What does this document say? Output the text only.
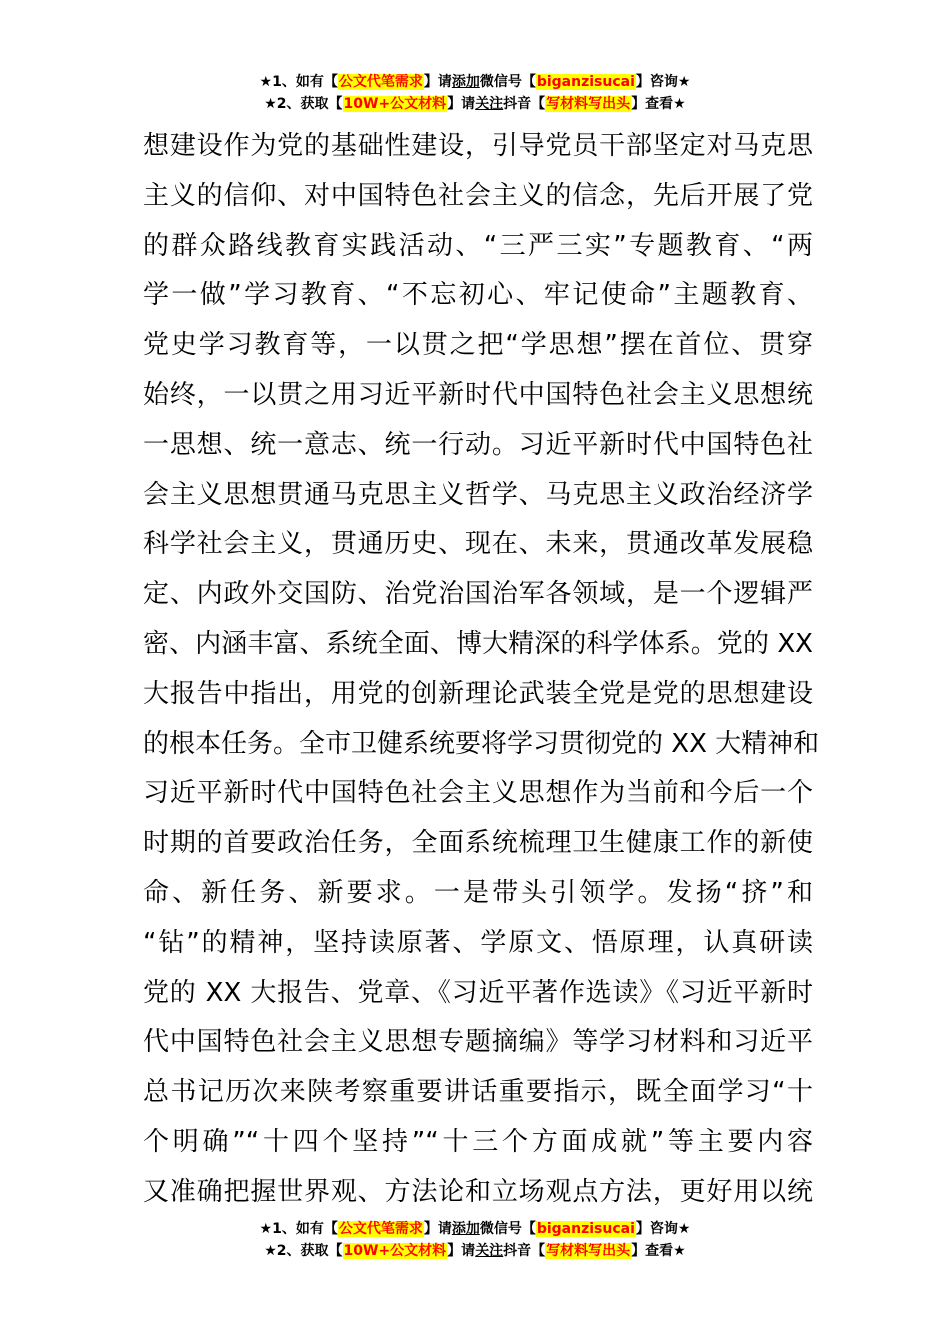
★1、如有【公文代笔需求】请添加微信号【biganzisucai】咨询★
★2、获取【10W+公文材料】请关注抖音【写材料写出头】查看★
想建设作为党的基础性建设，引导党员干部坚定对马克思
主义的信仰、对中国特色社会主义的信念，先后开展了党
的群众路线教育实践活动、“三严三实”专题教育、“两
学一做”学习教育、“不忘初心、牢记使命”主题教育、
党史学习教育等，一以贯之把“学思想”摆在首位、贯穿
始终，一以贯之用习近平新时代中国特色社会主义思想统
一思想、统一意志、统一行动。习近平新时代中国特色社
会主义思想贯通马克思主义哲学、马克思主义政治经济学
科学社会主义，贯通历史、现在、未来，贯通改革发展稳
定、内政外交国防、治党治国治军各领域，是一个逻辑严
密、内涵丰富、系统全面、博大精深的科学体系。党的 XX
大报告中指出，用党的创新理论武装全党是党的思想建设
的根本任务。全市卫健系统要将学习贯彻党的 XX 大精神和
习近平新时代中国特色社会主义思想作为当前和今后一个
时期的首要政治任务，全面系统梳理卫生健康工作的新使
命、新任务、新要求。一是带头引领学。发扬“挤”和
“钻”的精神，坚持读原著、学原文、悟原理，认真研读
党的 XX 大报告、党章、《习近平著作选读》《习近平新时
代中国特色社会主义思想专题摘编》等学习材料和习近平
总书记历次来陕考察重要讲话重要指示，既全面学习“十
个明确”“十四个坚持”“十三个方面成就”等主要内容
又准确把握世界观、方法论和立场观点方法，更好用以统
★1、如有【公文代笔需求】请添加微信号【biganzisucai】咨询★
★2、获取【10W+公文材料】请关注抖音【写材料写出头】查看★
